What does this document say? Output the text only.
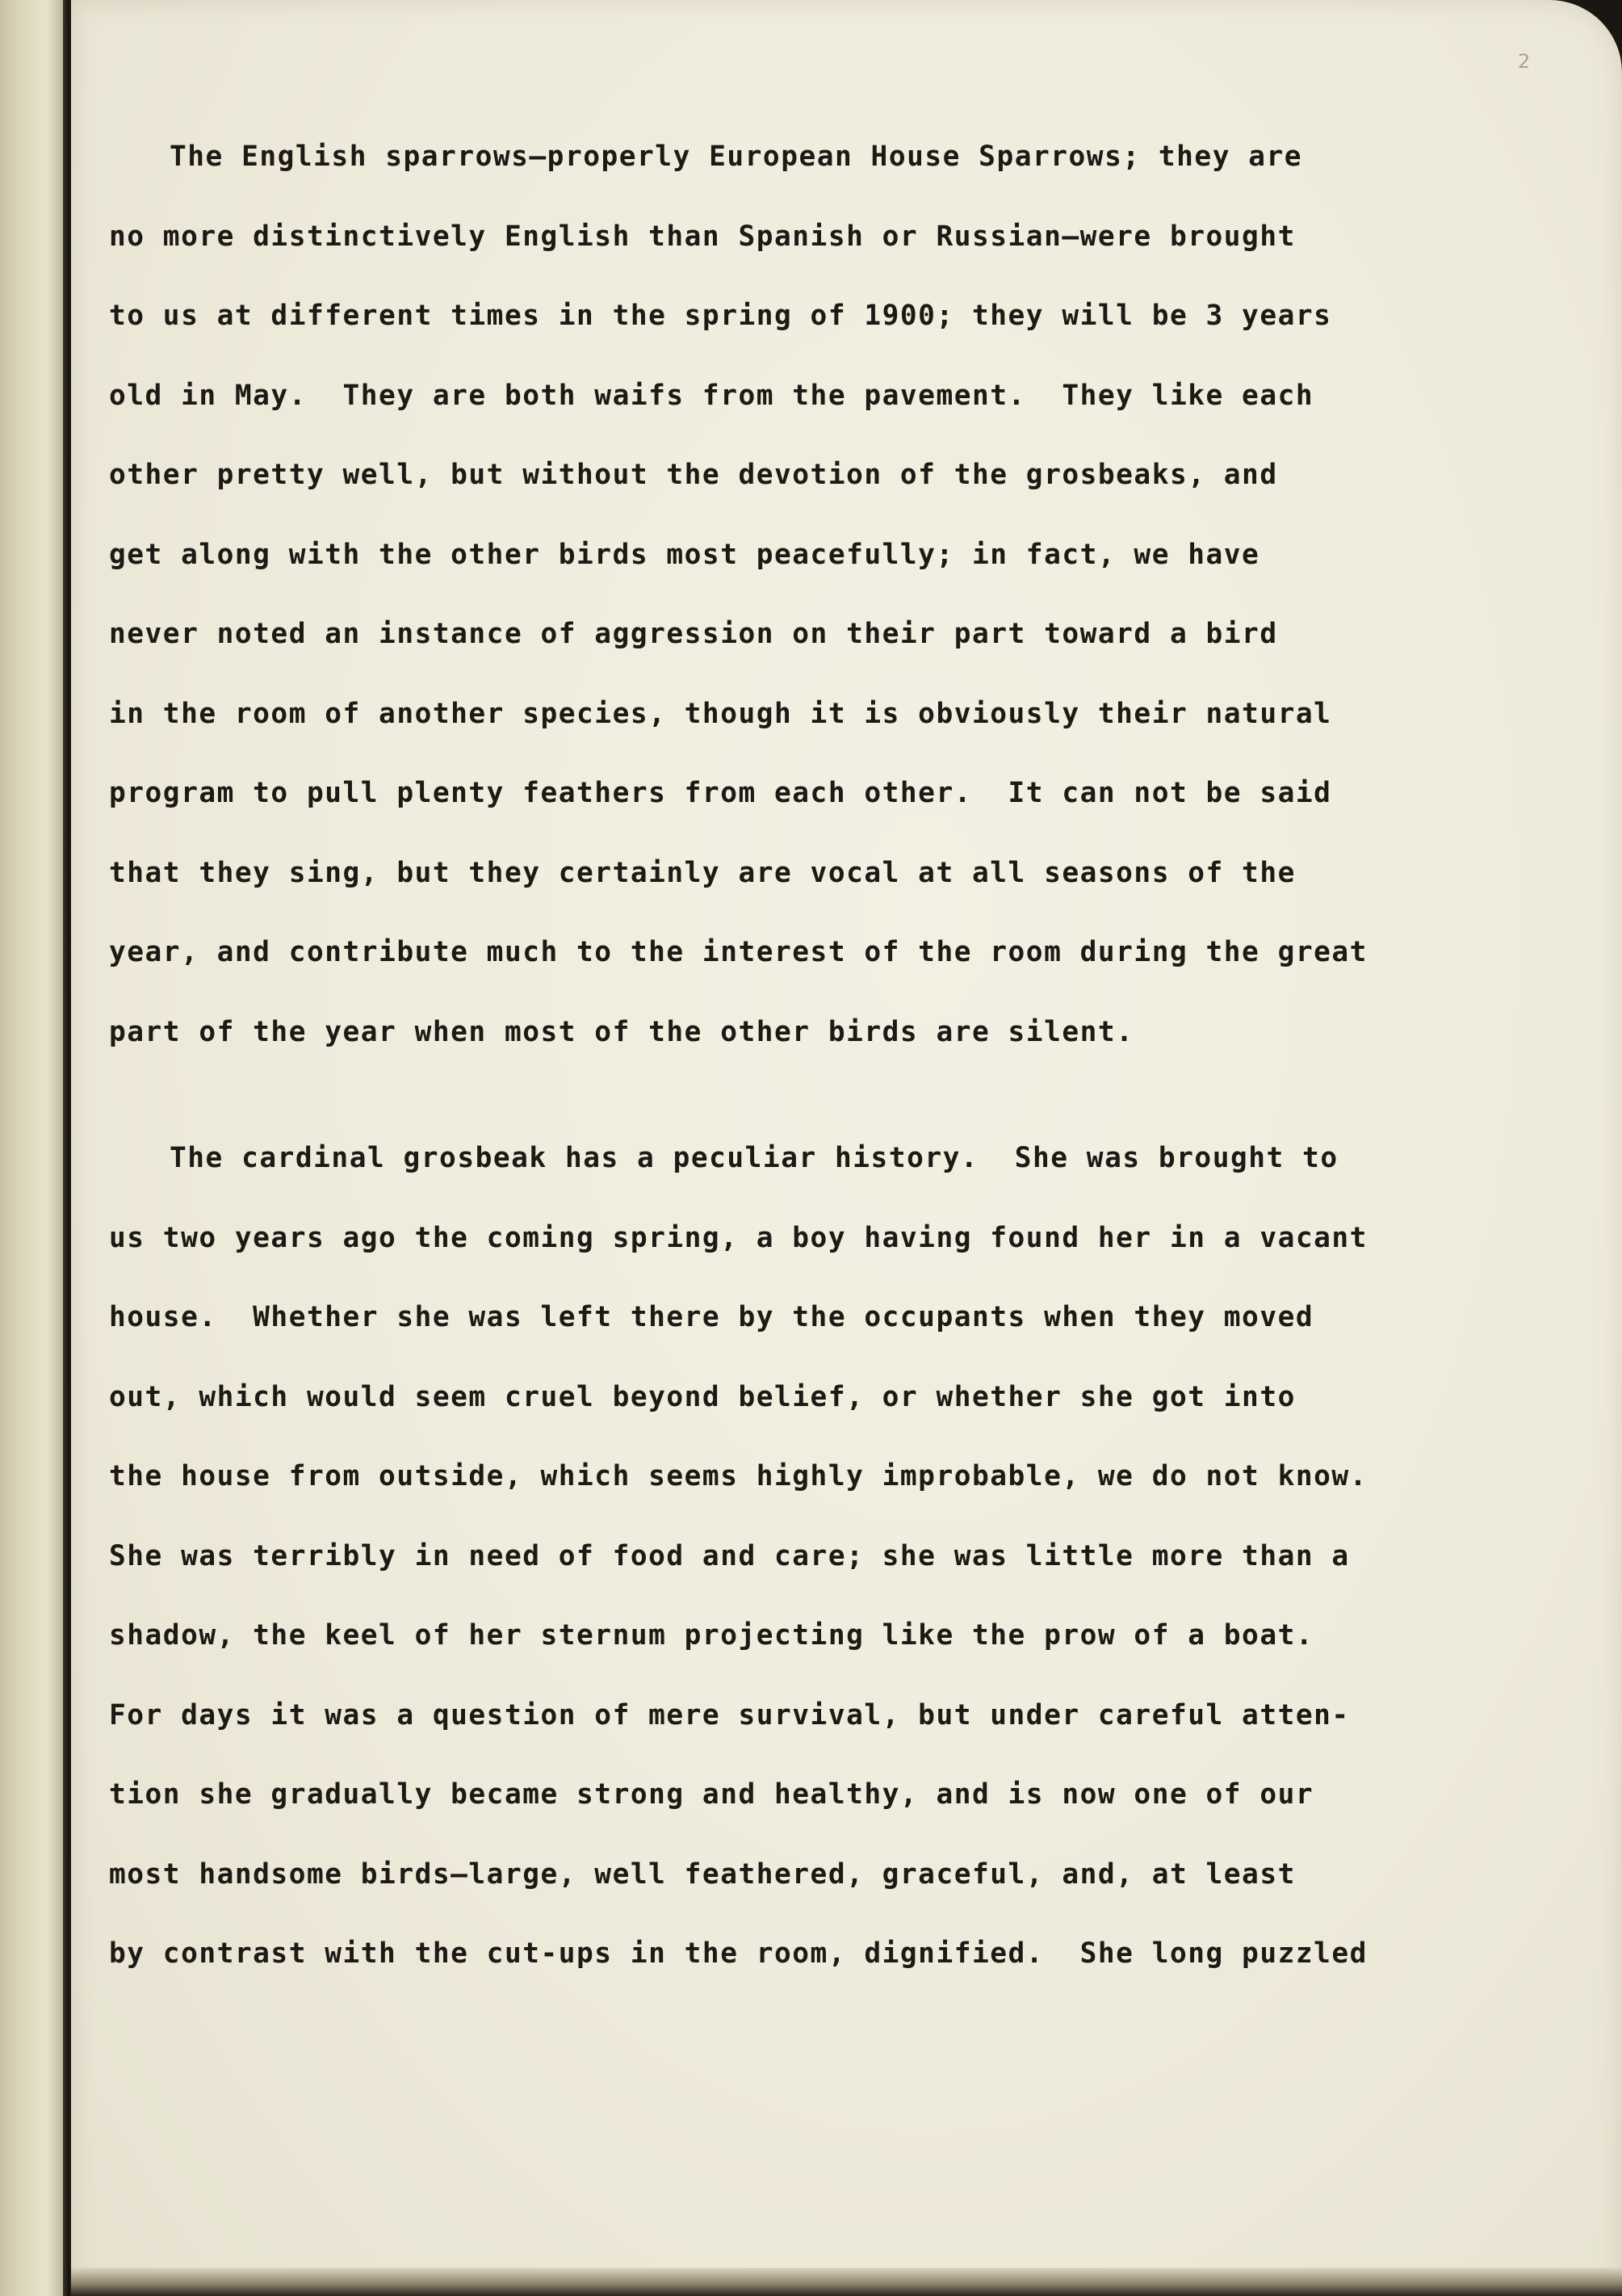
2
The English sparrows—properly European House Sparrows; they are
no more distinctively English than Spanish or Russian—were brought
to us at different times in the spring of 1900; they will be 3 years
old in May.  They are both waifs from the pavement.  They like each
other pretty well, but without the devotion of the grosbeaks, and
get along with the other birds most peacefully; in fact, we have
never noted an instance of aggression on their part toward a bird
in the room of another species, though it is obviously their natural
program to pull plenty feathers from each other.  It can not be said
that they sing, but they certainly are vocal at all seasons of the
year, and contribute much to the interest of the room during the great
part of the year when most of the other birds are silent.
The cardinal grosbeak has a peculiar history.  She was brought to
us two years ago the coming spring, a boy having found her in a vacant
house.  Whether she was left there by the occupants when they moved
out, which would seem cruel beyond belief, or whether she got into
the house from outside, which seems highly improbable, we do not know.
She was terribly in need of food and care; she was little more than a
shadow, the keel of her sternum projecting like the prow of a boat.
For days it was a question of mere survival, but under careful atten-
tion she gradually became strong and healthy, and is now one of our
most handsome birds—large, well feathered, graceful, and, at least
by contrast with the cut-ups in the room, dignified.  She long puzzled
